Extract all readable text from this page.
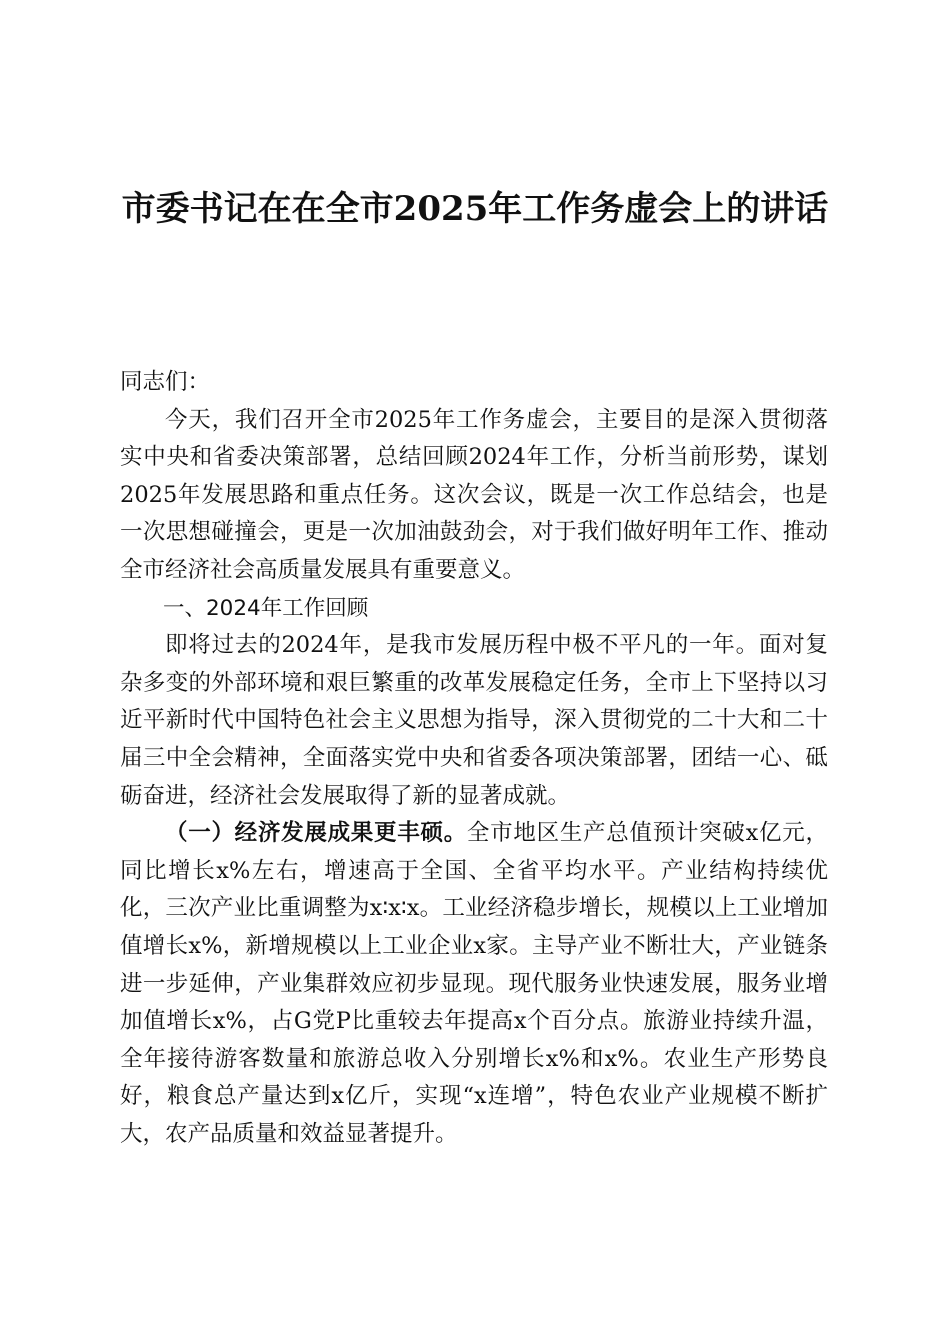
市委书记在在全市2025年工作务虚会上的讲话

同志们：

今天，我们召开全市2025年工作务虚会，主要目的是深入贯彻落实中央和省委决策部署，总结回顾2024年工作，分析当前形势，谋划2025年发展思路和重点任务。这次会议，既是一次工作总结会，也是一次思想碰撞会，更是一次加油鼓劲会，对于我们做好明年工作、推动全市经济社会高质量发展具有重要意义。

一、2024年工作回顾

即将过去的2024年，是我市发展历程中极不平凡的一年。面对复杂多变的外部环境和艰巨繁重的改革发展稳定任务，全市上下坚持以习近平新时代中国特色社会主义思想为指导，深入贯彻党的二十大和二十届三中全会精神，全面落实党中央和省委各项决策部署，团结一心、砥砺奋进，经济社会发展取得了新的显著成就。

（一）经济发展成果更丰硕。全市地区生产总值预计突破x亿元，同比增长x%左右，增速高于全国、全省平均水平。产业结构持续优化，三次产业比重调整为x∶x∶x。工业经济稳步增长，规模以上工业增加值增长x%，新增规模以上工业企业x家。主导产业不断壮大，产业链条进一步延伸，产业集群效应初步显现。现代服务业快速发展，服务业增加值增长x%，占G党P比重较去年提高x个百分点。旅游业持续升温，全年接待游客数量和旅游总收入分别增长x%和x%。农业生产形势良好，粮食总产量达到x亿斤，实现“x连增”，特色农业产业规模不断扩大，农产品质量和效益显著提升。
